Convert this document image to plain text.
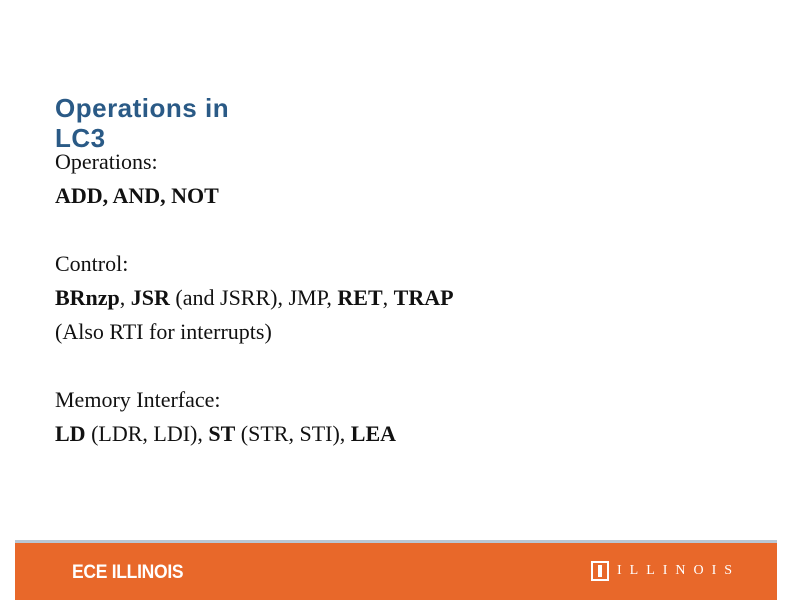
Operations in LC3
Operations:
ADD, AND, NOT
Control:
BRnzp, JSR (and JSRR), JMP, RET, TRAP
(Also RTI for interrupts)
Memory Interface:
LD (LDR, LDI), ST (STR, STI), LEA
ECE ILLINOIS	ILLINOIS
